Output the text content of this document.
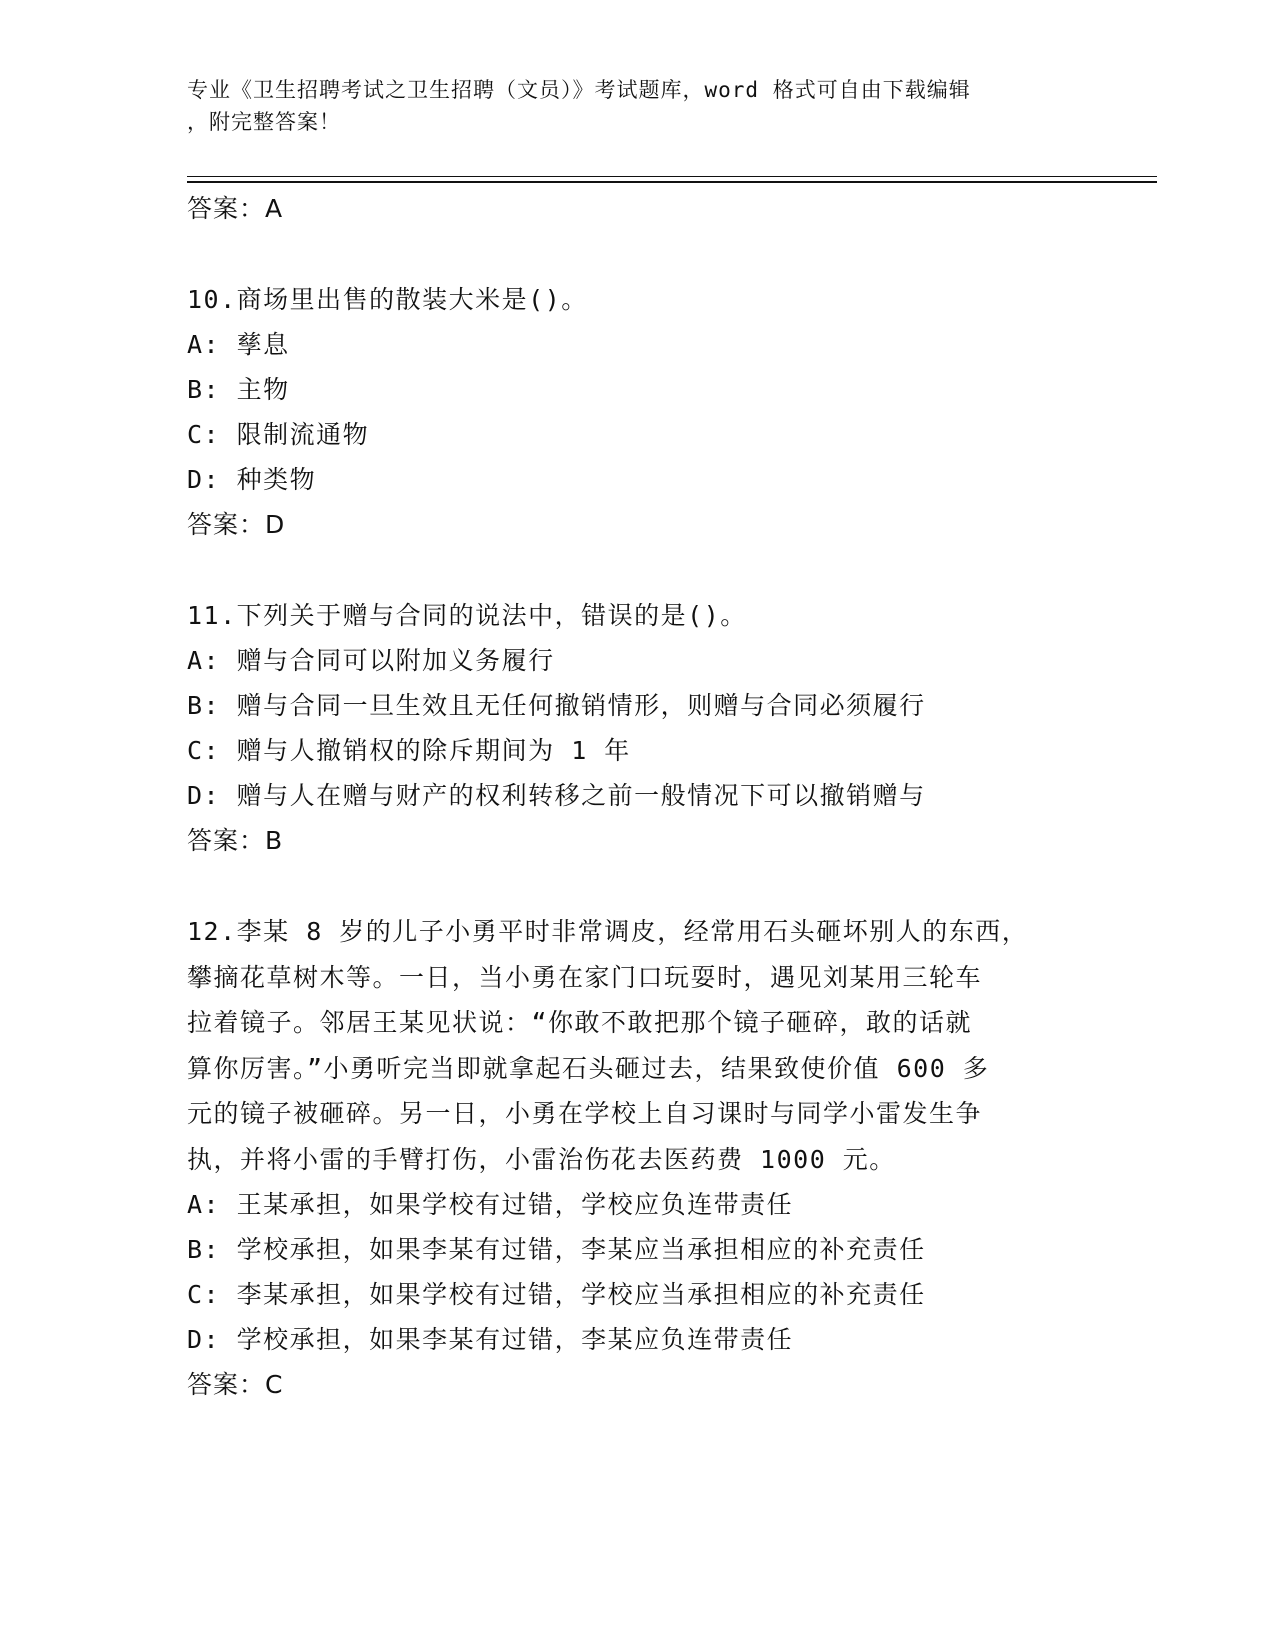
专业《卫生招聘考试之卫生招聘（文员）》考试题库，word 格式可自由下载编辑
，附完整答案！
答案：A
10.商场里出售的散装大米是()。
A: 孳息
B: 主物
C: 限制流通物
D: 种类物
答案：D
11.下列关于赠与合同的说法中，错误的是()。
A: 赠与合同可以附加义务履行
B: 赠与合同一旦生效且无任何撤销情形，则赠与合同必须履行
C: 赠与人撤销权的除斥期间为 1 年
D: 赠与人在赠与财产的权利转移之前一般情况下可以撤销赠与
答案：B
12.李某 8 岁的儿子小勇平时非常调皮，经常用石头砸坏别人的东西，
攀摘花草树木等。一日，当小勇在家门口玩耍时，遇见刘某用三轮车
拉着镜子。邻居王某见状说：“你敢不敢把那个镜子砸碎，敢的话就
算你厉害。”小勇听完当即就拿起石头砸过去，结果致使价值 600 多
元的镜子被砸碎。另一日，小勇在学校上自习课时与同学小雷发生争
执，并将小雷的手臂打伤，小雷治伤花去医药费 1000 元。
A: 王某承担，如果学校有过错，学校应负连带责任
B: 学校承担，如果李某有过错，李某应当承担相应的补充责任
C: 李某承担，如果学校有过错，学校应当承担相应的补充责任
D: 学校承担，如果李某有过错，李某应负连带责任
答案：C
